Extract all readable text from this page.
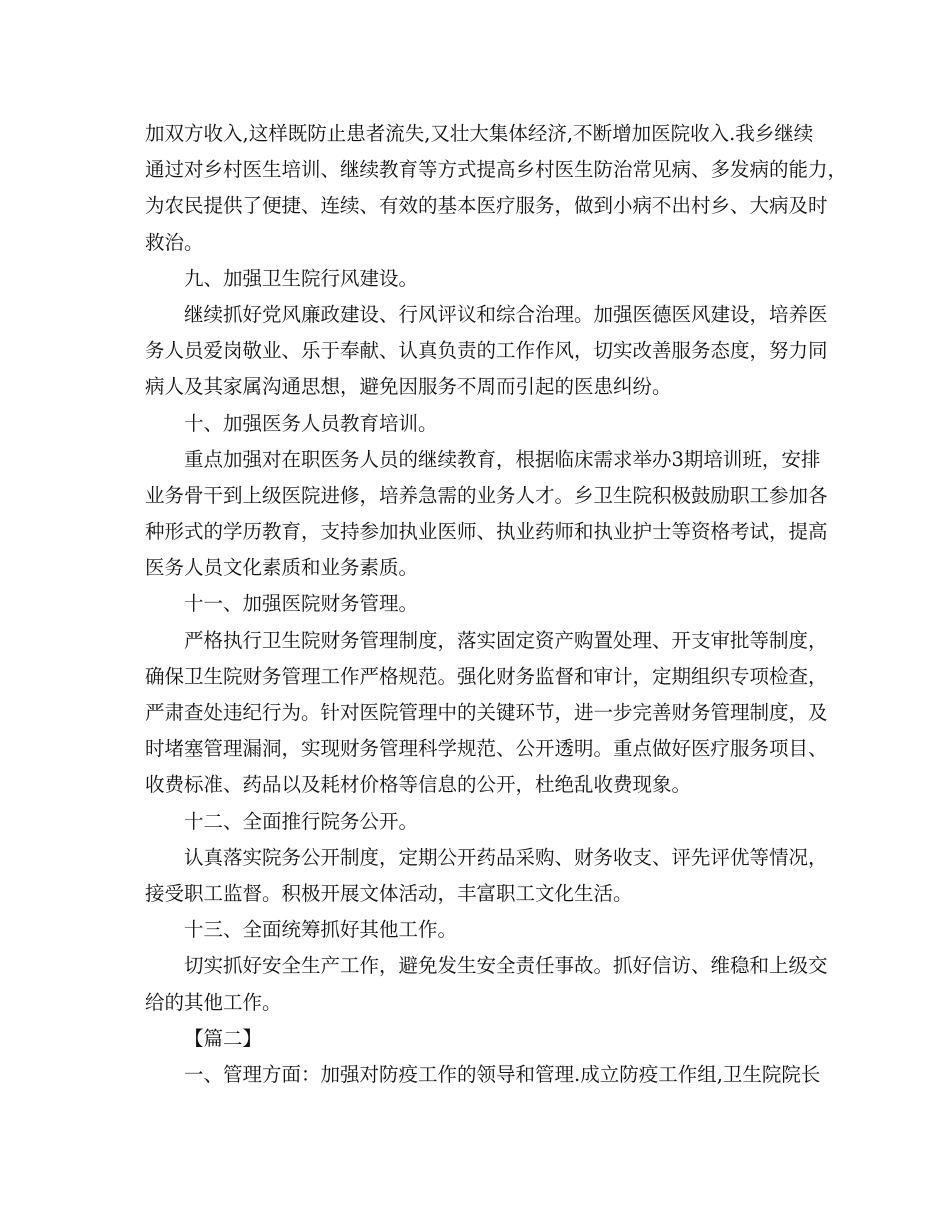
加双方收入,这样既防止患者流失,又壮大集体经济,不断增加医院收入.我乡继续
通过对乡村医生培训、继续教育等方式提高乡村医生防治常见病、多发病的能力，
为农民提供了便捷、连续、有效的基本医疗服务，做到小病不出村乡、大病及时
救治。
九、加强卫生院行风建设。
继续抓好党风廉政建设、行风评议和综合治理。加强医德医风建设，培养医
务人员爱岗敬业、乐于奉献、认真负责的工作作风，切实改善服务态度，努力同
病人及其家属沟通思想，避免因服务不周而引起的医患纠纷。
十、加强医务人员教育培训。
重点加强对在职医务人员的继续教育，根据临床需求举办3期培训班，安排
业务骨干到上级医院进修，培养急需的业务人才。乡卫生院积极鼓励职工参加各
种形式的学历教育，支持参加执业医师、执业药师和执业护士等资格考试，提高
医务人员文化素质和业务素质。
十一、加强医院财务管理。
严格执行卫生院财务管理制度，落实固定资产购置处理、开支审批等制度，
确保卫生院财务管理工作严格规范。强化财务监督和审计，定期组织专项检查，
严肃查处违纪行为。针对医院管理中的关键环节，进一步完善财务管理制度，及
时堵塞管理漏洞，实现财务管理科学规范、公开透明。重点做好医疗服务项目、
收费标准、药品以及耗材价格等信息的公开，杜绝乱收费现象。
十二、全面推行院务公开。
认真落实院务公开制度，定期公开药品采购、财务收支、评先评优等情况，
接受职工监督。积极开展文体活动，丰富职工文化生活。
十三、全面统筹抓好其他工作。
切实抓好安全生产工作，避免发生安全责任事故。抓好信访、维稳和上级交
给的其他工作。
【篇二】
一、管理方面：加强对防疫工作的领导和管理.成立防疫工作组,卫生院院长
